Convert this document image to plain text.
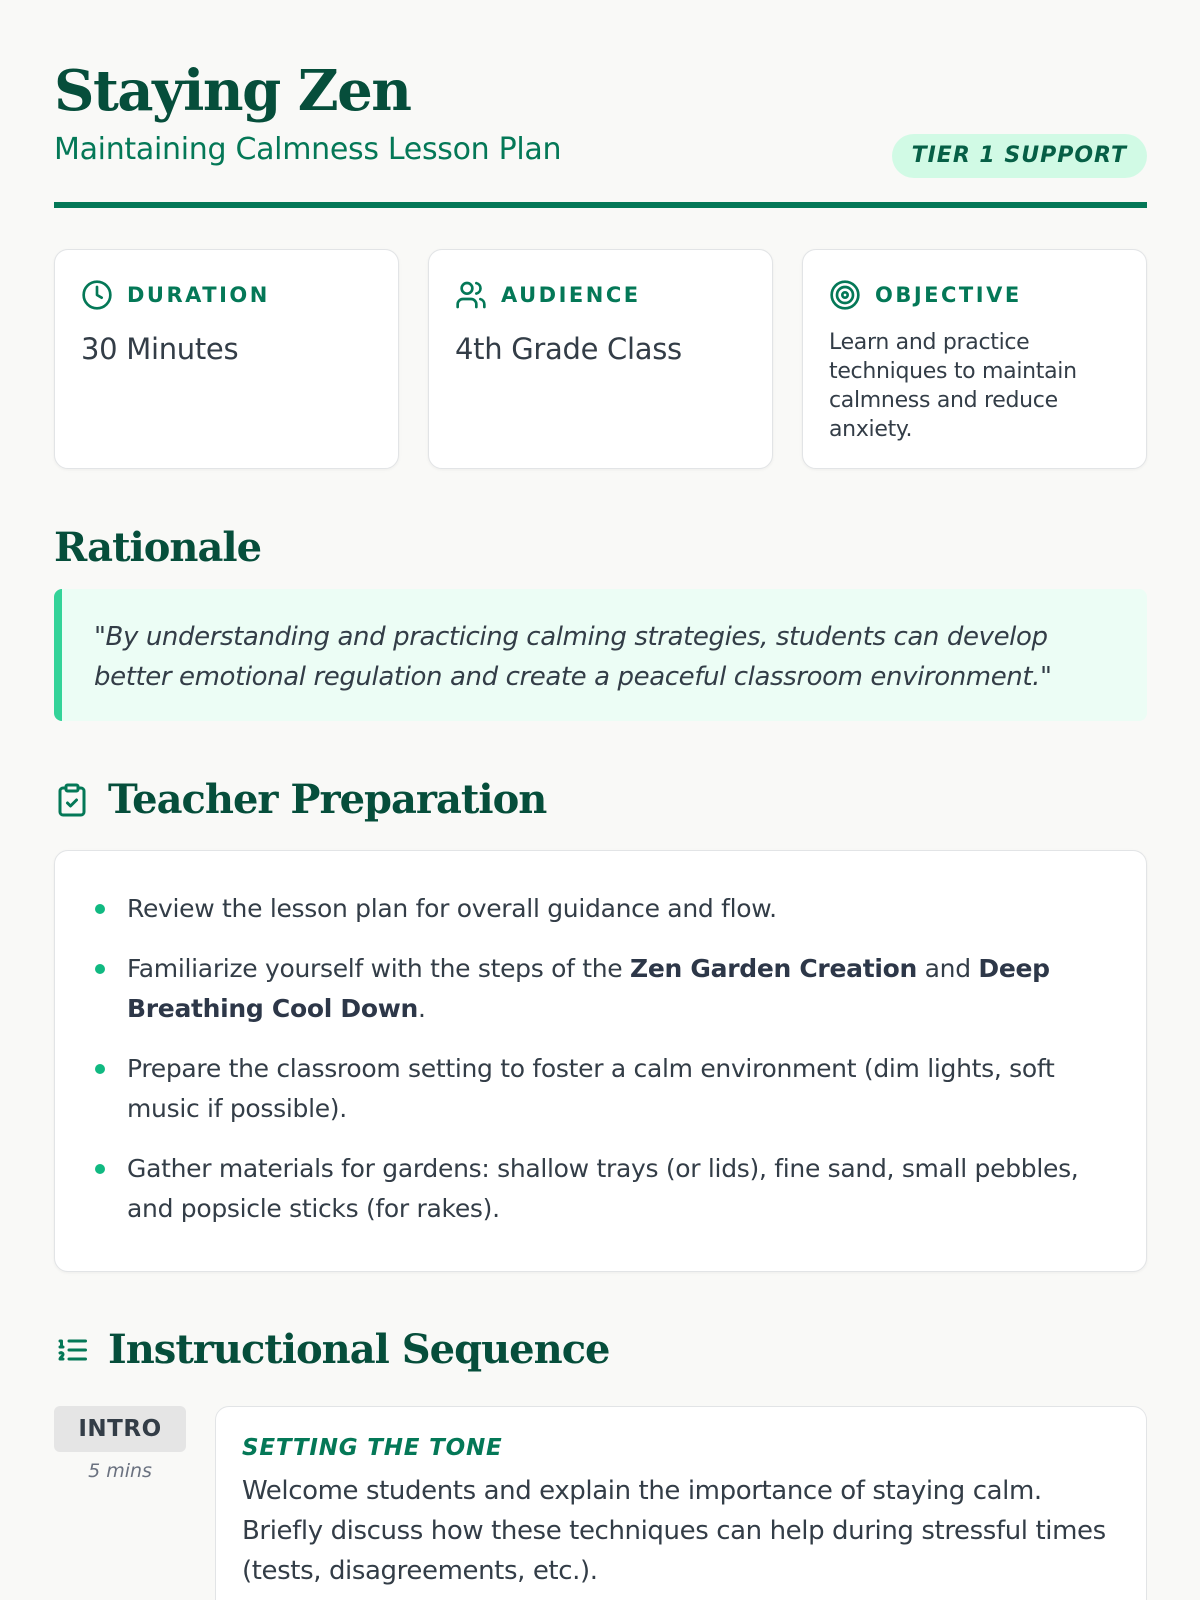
Staying Zen
Maintaining Calmness Lesson Plan	TIER 1 SUPPORT
DURATION
30 Minutes
AUDIENCE
4th Grade Class
OBJECTIVE
Learn and practice techniques to maintain calmness and reduce anxiety.
Rationale
"By understanding and practicing calming strategies, students can develop better emotional regulation and create a peaceful classroom environment."
Teacher Preparation
Review the lesson plan for overall guidance and flow.
Familiarize yourself with the steps of the Zen Garden Creation and Deep Breathing Cool Down.
Prepare the classroom setting to foster a calm environment (dim lights, soft music if possible).
Gather materials for gardens: shallow trays (or lids), fine sand, small pebbles, and popsicle sticks (for rakes).
Instructional Sequence
INTRO
5 mins
SETTING THE TONE
Welcome students and explain the importance of staying calm. Briefly discuss how these techniques can help during stressful times (tests, disagreements, etc.).
